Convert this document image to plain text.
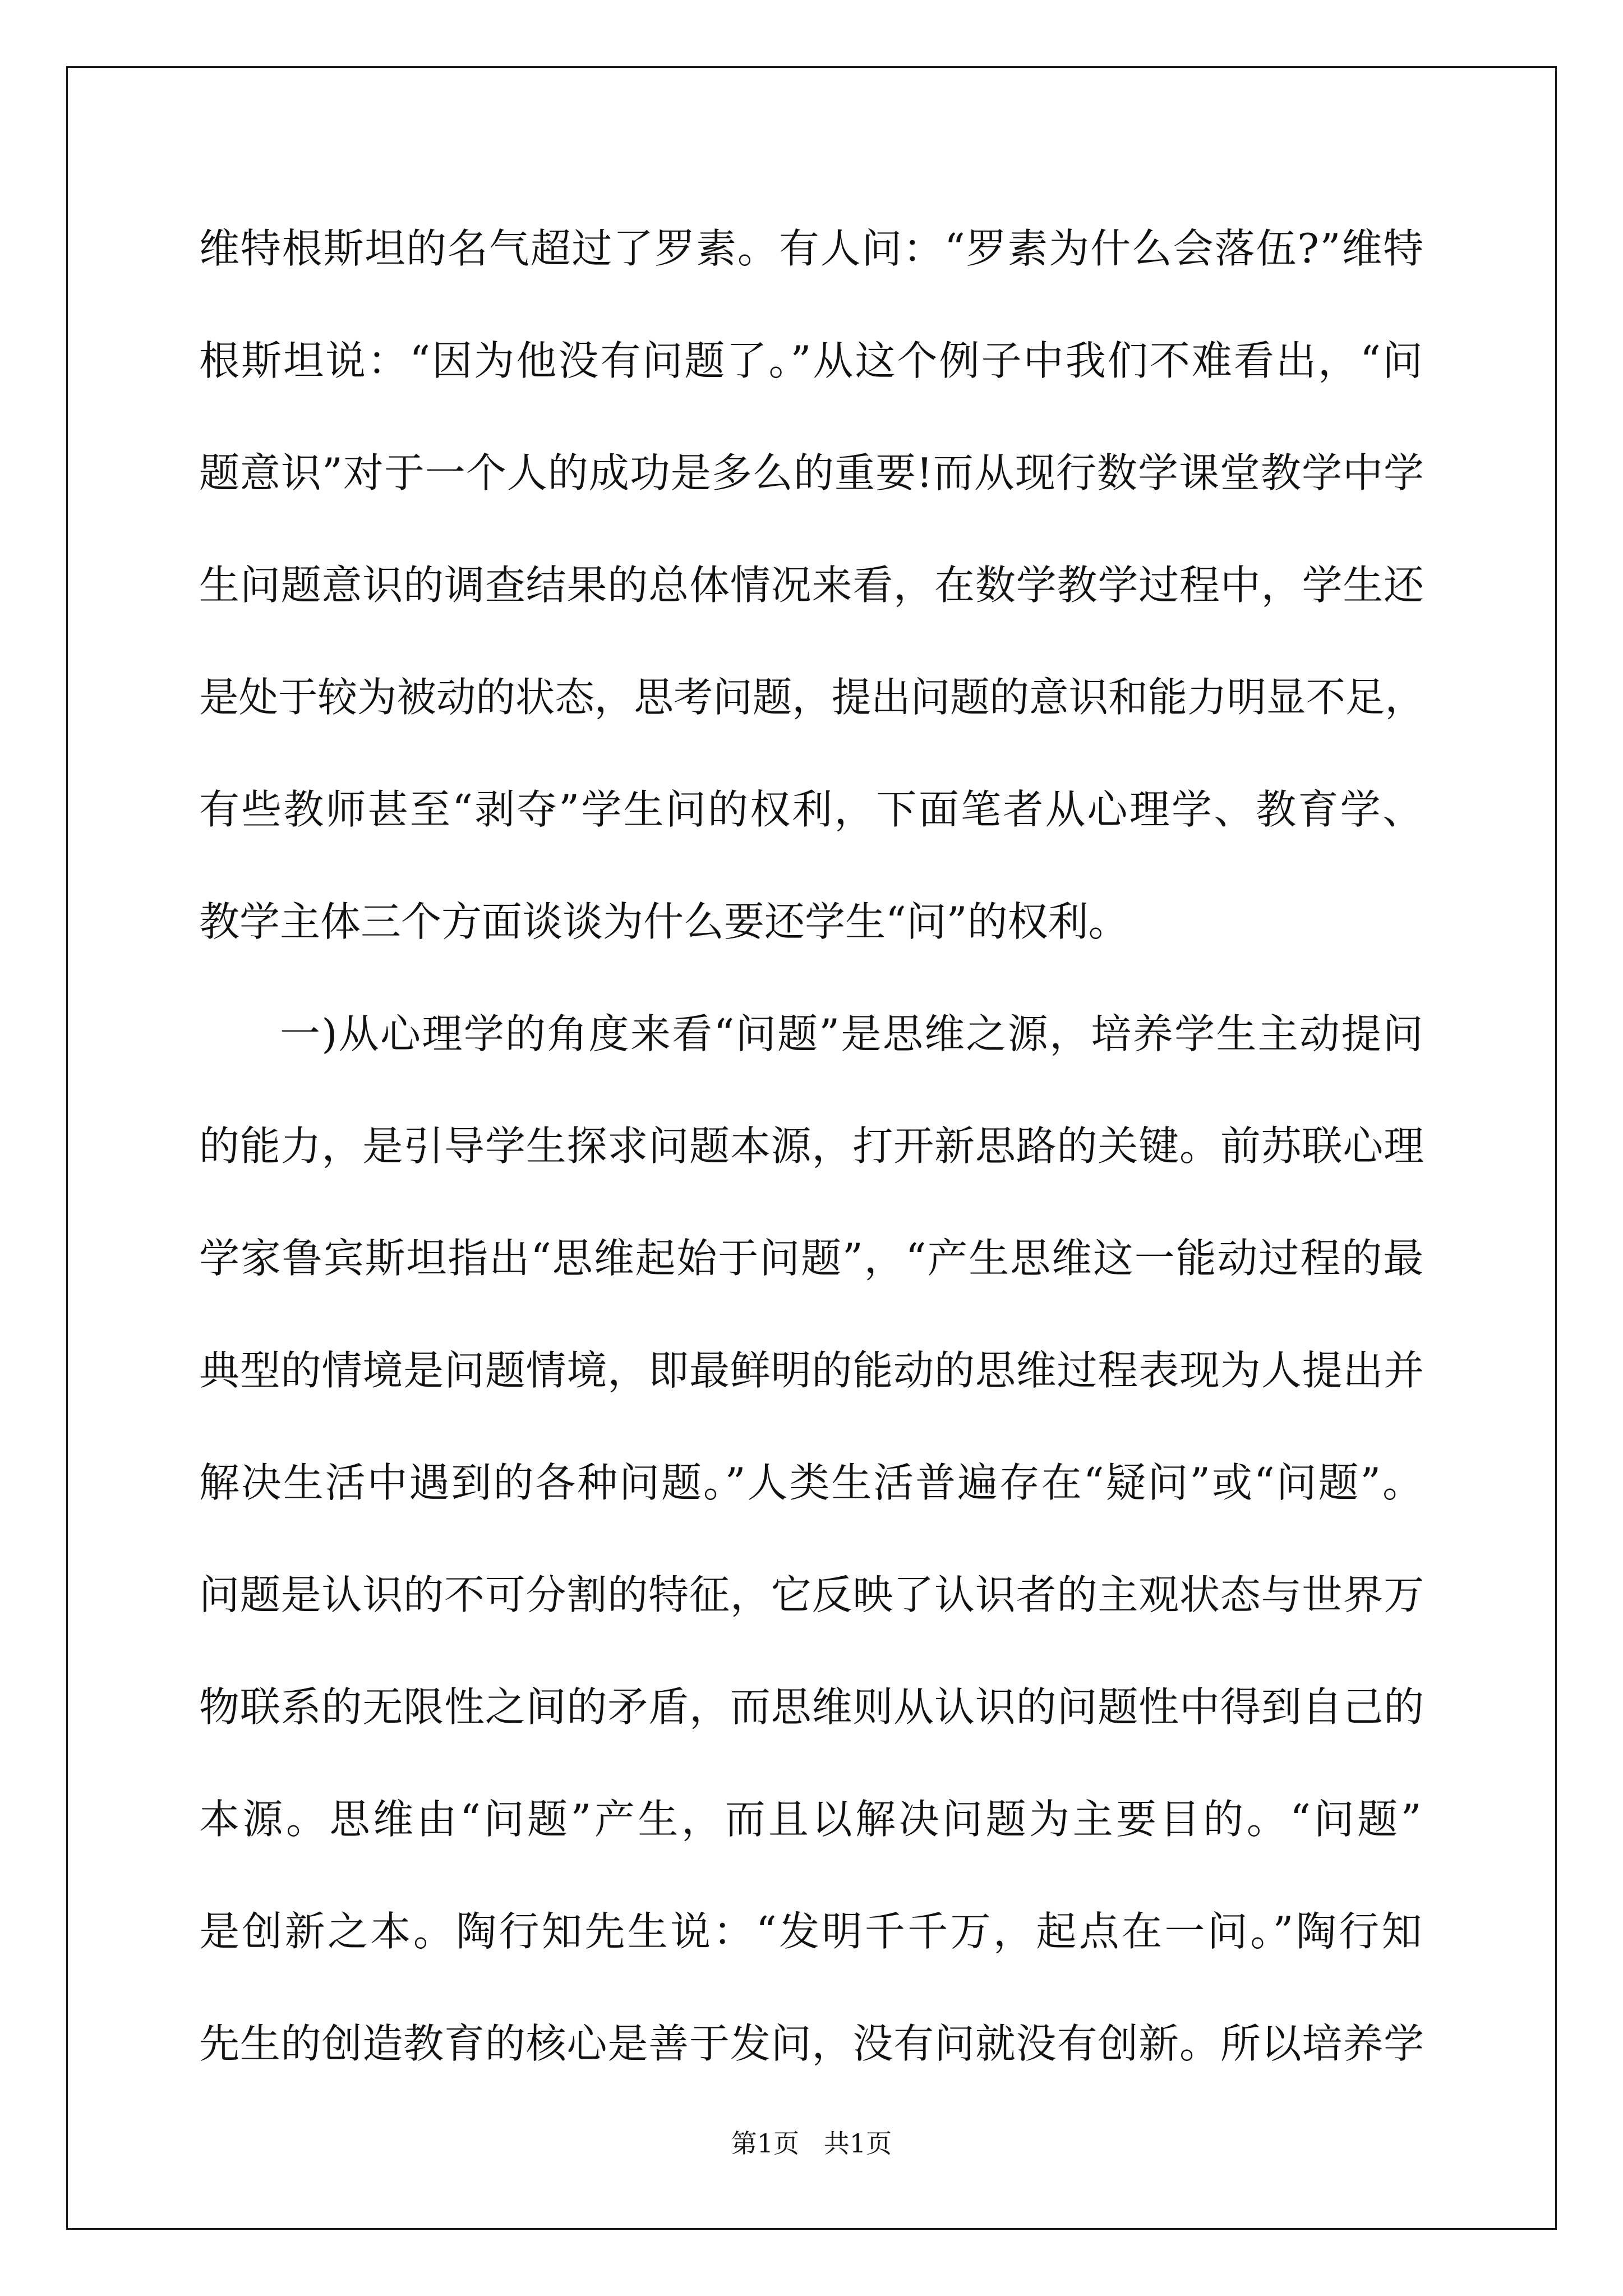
维特根斯坦的名气超过了罗素。有人问：“罗素为什么会落伍?”维特
根斯坦说：“因为他没有问题了。”从这个例子中我们不难看出，“问
题意识”对于一个人的成功是多么的重要!而从现行数学课堂教学中学
生问题意识的调查结果的总体情况来看，在数学教学过程中，学生还
是处于较为被动的状态，思考问题，提出问题的意识和能力明显不足，
有些教师甚至“剥夺”学生问的权利，下面笔者从心理学、教育学、
教学主体三个方面谈谈为什么要还学生“问”的权利。
一)从心理学的角度来看“问题”是思维之源，培养学生主动提问
的能力，是引导学生探求问题本源，打开新思路的关键。前苏联心理
学家鲁宾斯坦指出“思维起始于问题”，“产生思维这一能动过程的最
典型的情境是问题情境，即最鲜明的能动的思维过程表现为人提出并
解决生活中遇到的各种问题。”人类生活普遍存在“疑问”或“问题”。
问题是认识的不可分割的特征，它反映了认识者的主观状态与世界万
物联系的无限性之间的矛盾，而思维则从认识的问题性中得到自己的
本源。思维由“问题”产生，而且以解决问题为主要目的。“问题”
是创新之本。陶行知先生说：“发明千千万，起点在一问。”陶行知
先生的创造教育的核心是善于发问，没有问就没有创新。所以培养学
第1页   共1页
